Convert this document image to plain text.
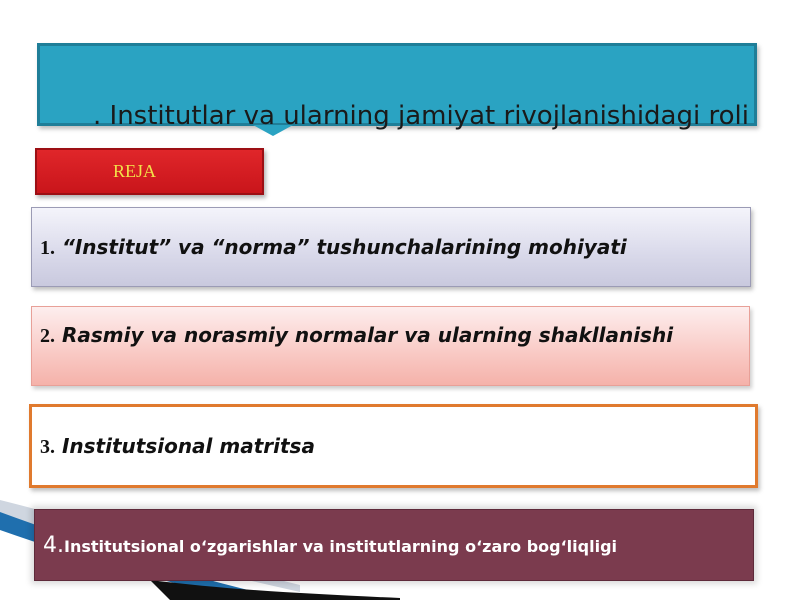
. Institutlar va ularning jamiyat rivojlanishidagi roli
REJA
1. “Institut” va “norma” tushunchalarining mohiyati
2. Rasmiy va norasmiy normalar va ularning shakllanishi
3. Institutsional matritsa
4.Institutsional o‘zgarishlar va institutlarning o‘zaro bog‘liqligi
